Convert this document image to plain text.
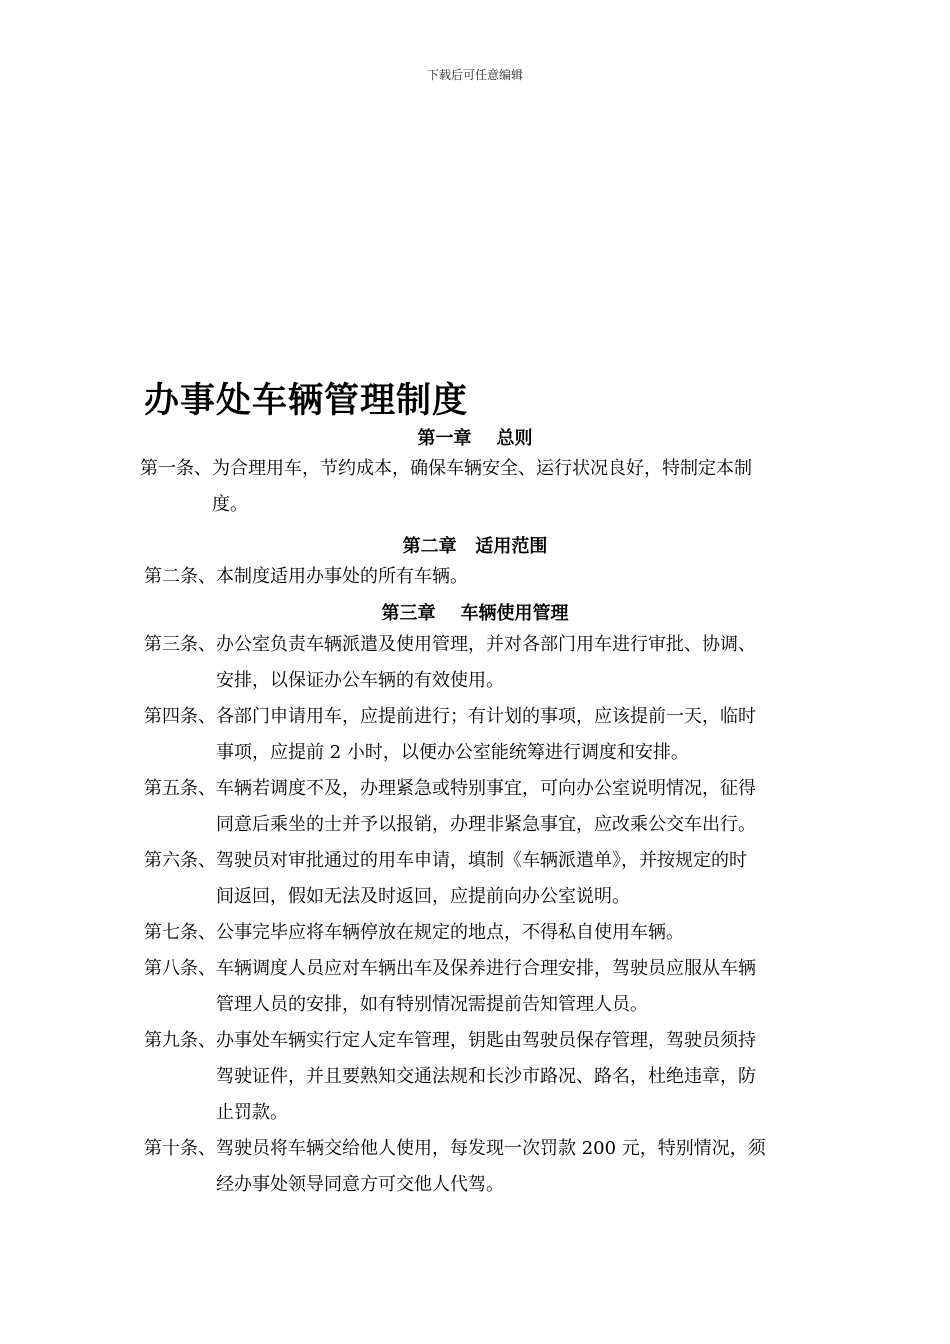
下载后可任意编辑
办事处车辆管理制度
第一章    总则
第一条、为合理用车，节约成本，确保车辆安全、运行状况良好，特制定本制
度。
第二章   适用范围
第二条、本制度适用办事处的所有车辆。
第三章    车辆使用管理
第三条、办公室负责车辆派遣及使用管理，并对各部门用车进行审批、协调、
安排，以保证办公车辆的有效使用。
第四条、各部门申请用车，应提前进行；有计划的事项，应该提前一天，临时
事项，应提前 2 小时，以便办公室能统筹进行调度和安排。
第五条、车辆若调度不及，办理紧急或特别事宜，可向办公室说明情况，征得
同意后乘坐的士并予以报销，办理非紧急事宜，应改乘公交车出行。
第六条、驾驶员对审批通过的用车申请，填制《车辆派遣单》，并按规定的时
间返回，假如无法及时返回，应提前向办公室说明。
第七条、公事完毕应将车辆停放在规定的地点，不得私自使用车辆。
第八条、车辆调度人员应对车辆出车及保养进行合理安排，驾驶员应服从车辆
管理人员的安排，如有特别情况需提前告知管理人员。
第九条、办事处车辆实行定人定车管理，钥匙由驾驶员保存管理，驾驶员须持
驾驶证件，并且要熟知交通法规和长沙市路况、路名，杜绝违章，防
止罚款。
第十条、驾驶员将车辆交给他人使用，每发现一次罚款 200 元，特别情况，须
经办事处领导同意方可交他人代驾。
